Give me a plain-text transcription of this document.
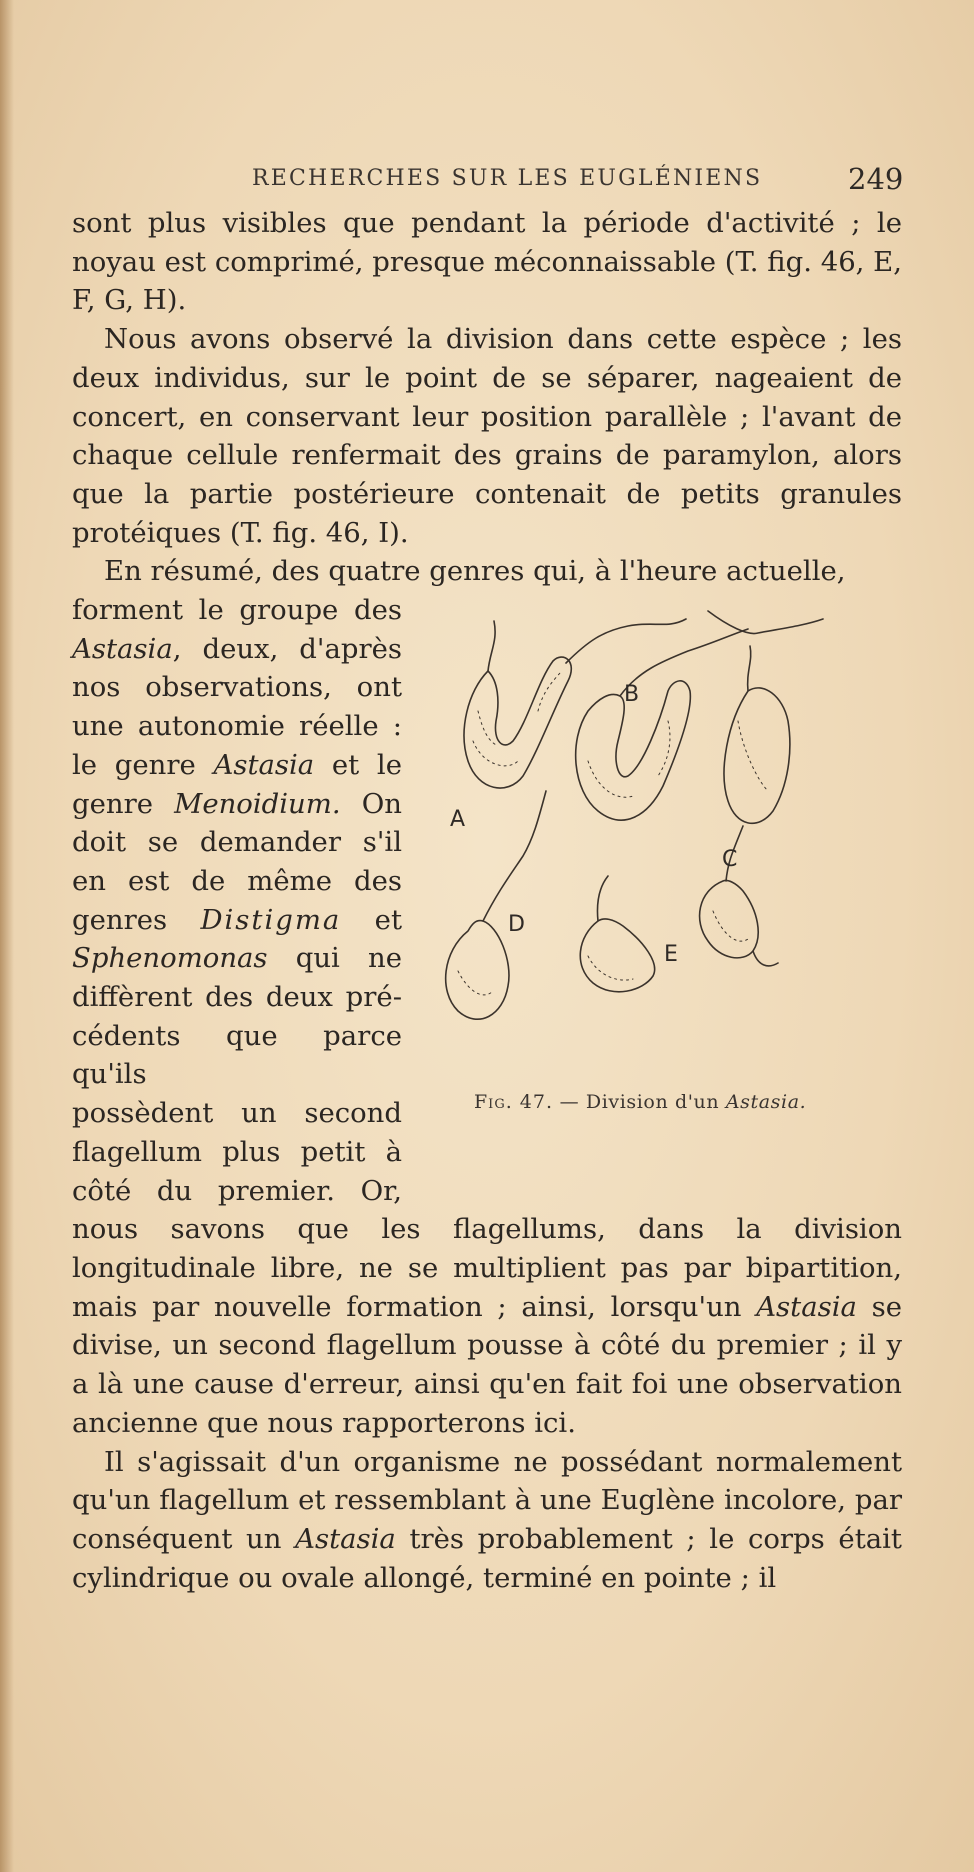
RECHERCHES SUR LES EUGLÉNIENS	249

sont plus visibles que pendant la période d'activité ; le noyau est comprimé, presque méconnaissable (T. fig. 46, E, F, G, H).

Nous avons observé la division dans cette espèce ; les deux individus, sur le point de se séparer, nageaient de concert, en conservant leur position parallèle ; l'avant de chaque cellule renfermait des grains de paramylon, alors que la partie postérieure contenait de petits granules protéiques (T. fig. 46, I).

En résumé, des quatre genres qui, à l'heure actuelle,

forment le groupe des
Astasia, deux, d'après
nos observations, ont
une autonomie réelle :
le genre Astasia et le
genre Menoidium. On
doit se demander s'il
en est de même des
genres Distigma et
Sphenomonas qui ne
diffèrent des deux pré-
cédents que parce qu'ils
possèdent un second
flagellum plus petit à
côté du premier. Or,
A
B
C
D
E
Fig. 47. — Division d'un Astasia.

nous savons que les flagellums, dans la division longitudinale libre, ne se multiplient pas par bipartition, mais par nouvelle formation ; ainsi, lorsqu'un Astasia se divise, un second flagellum pousse à côté du premier ; il y a là une cause d'erreur, ainsi qu'en fait foi une observation ancienne que nous rapporterons ici.

Il s'agissait d'un organisme ne possédant normalement qu'un flagellum et ressemblant à une Euglène incolore, par conséquent un Astasia très probablement ; le corps était cylindrique ou ovale allongé, terminé en pointe ; il
